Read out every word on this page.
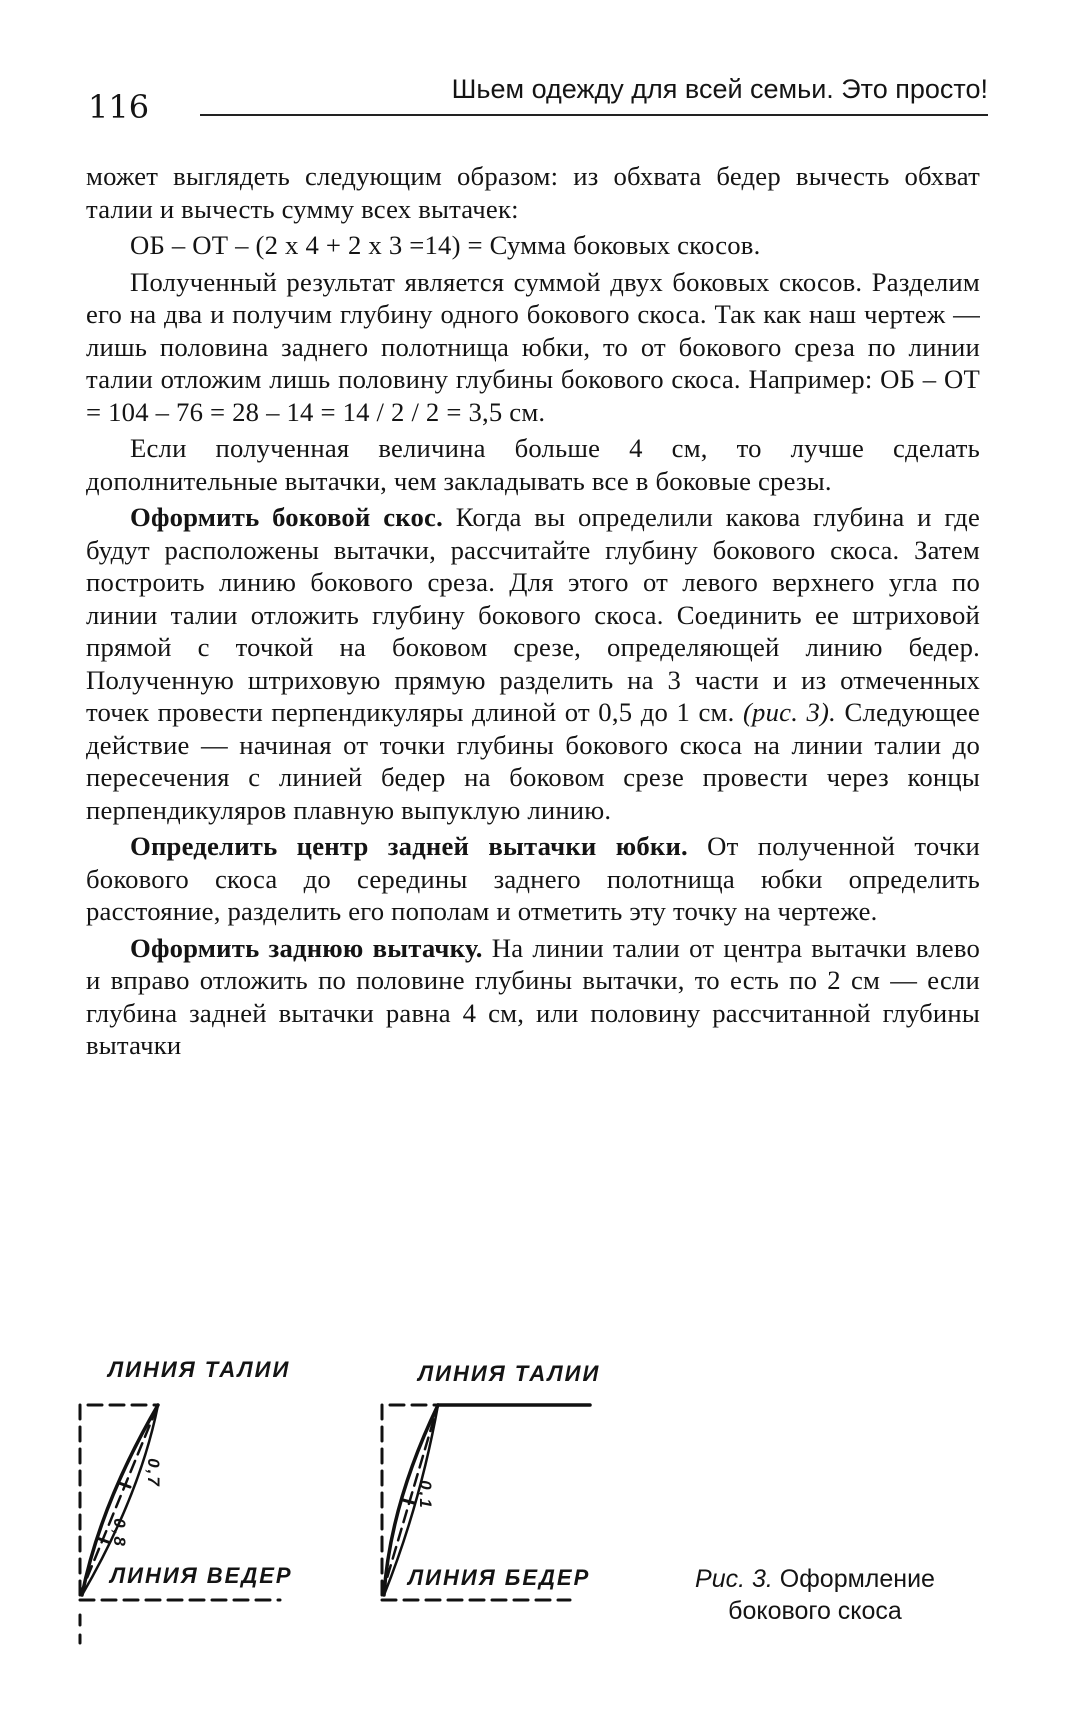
116	Шьем одежду для всей семьи. Это просто!

может выглядеть следующим образом: из обхвата бедер вычесть обхват талии и вычесть сумму всех вытачек:

ОБ – ОТ – (2 х 4 + 2 х 3 =14) = Сумма боковых скосов.

Полученный результат является суммой двух боковых скосов. Разделим его на два и получим глубину одного бокового скоса. Так как наш чертеж — лишь половина заднего полотнища юбки, то от бокового среза по линии талии отложим лишь половину глубины бокового скоса. Например: ОБ – ОТ = 104 – 76 = 28 – 14 = 14 / 2 / 2 = 3,5 см.

Если полученная величина больше 4 см, то лучше сделать дополнительные вытачки, чем закладывать все в боковые срезы.

Оформить боковой скос. Когда вы определили какова глубина и где будут расположены вытачки, рассчитайте глубину бокового скоса. Затем построить линию бокового среза. Для этого от левого верхнего угла по линии талии отложить глубину бокового скоса. Соединить ее штриховой прямой с точкой на боковом срезе, определяющей линию бедер. Полученную штриховую прямую разделить на 3 части и из отмеченных точек провести перпендикуляры длиной от 0,5 до 1 см. (рис. 3). Следующее действие — начиная от точки глубины бокового скоса на линии талии до пересечения с линией бедер на боковом срезе провести через концы перпендикуляров плавную выпуклую линию.

Определить центр задней вытачки юбки. От полученной точки бокового скоса до середины заднего полотнища юбки определить расстояние, разделить его пополам и отметить эту точку на чертеже.

Оформить заднюю вытачку. На линии талии от центра вытачки влево и вправо отложить по половине глубины вытачки, то есть по 2 см — если глубина задней вытачки равна 4 см, или половину рассчитанной глубины вытачки

ЛИНИЯ ТАЛИИ
ЛИНИЯ ВЕДЕР
0,7
0,8
ЛИНИЯ ТАЛИИ
ЛИНИЯ БЕДЕР
0,1
Рис. 3. Оформление бокового скоса
